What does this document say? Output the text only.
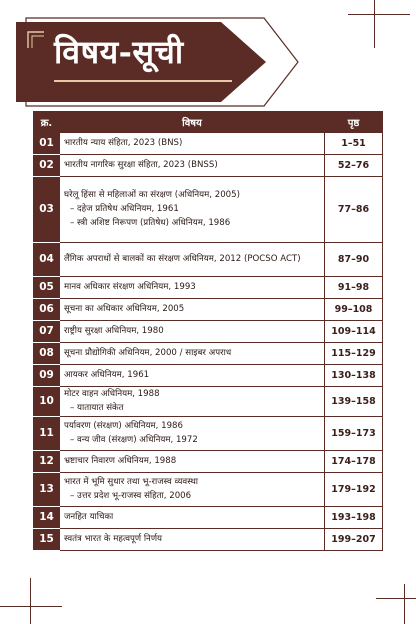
विषय-सूची
क्र.	विषय	पृष्ठ
01	भारतीय न्याय संहिता, 2023 (BNS)	1–51
02	भारतीय नागरिक सुरक्षा संहिता, 2023 (BNSS)	52–76
03	घरेलू हिंसा से महिलाओं का संरक्षण (अधिनियम, 2005)
– दहेज प्रतिषेध अधिनियम, 1961
– स्त्री अशिष्ट निरूपण (प्रतिषेध) अधिनियम, 1986	77–86
04	लैंगिक अपराधों से बालकों का संरक्षण अधिनियम, 2012 (POCSO ACT)	87–90
05	मानव अधिकार संरक्षण अधिनियम, 1993	91–98
06	सूचना का अधिकार अधिनियम, 2005	99–108
07	राष्ट्रीय सुरक्षा अधिनियम, 1980	109–114
08	सूचना प्रौद्योगिकी अधिनियम, 2000 / साइबर अपराध	115–129
09	आयकर अधिनियम, 1961	130–138
10	मोटर वाहन अधिनियम, 1988
– यातायात संकेत	139–158
11	पर्यावरण (संरक्षण) अधिनियम, 1986
– वन्य जीव (संरक्षण) अधिनियम, 1972	159–173
12	भ्रष्टाचार निवारण अधिनियम, 1988	174–178
13	भारत में भूमि सुधार तथा भू-राजस्व व्यवस्था
– उत्तर प्रदेश भू-राजस्व संहिता, 2006	179–192
14	जनहित याचिका	193–198
15	स्वतंत्र भारत के महत्वपूर्ण निर्णय	199–207
